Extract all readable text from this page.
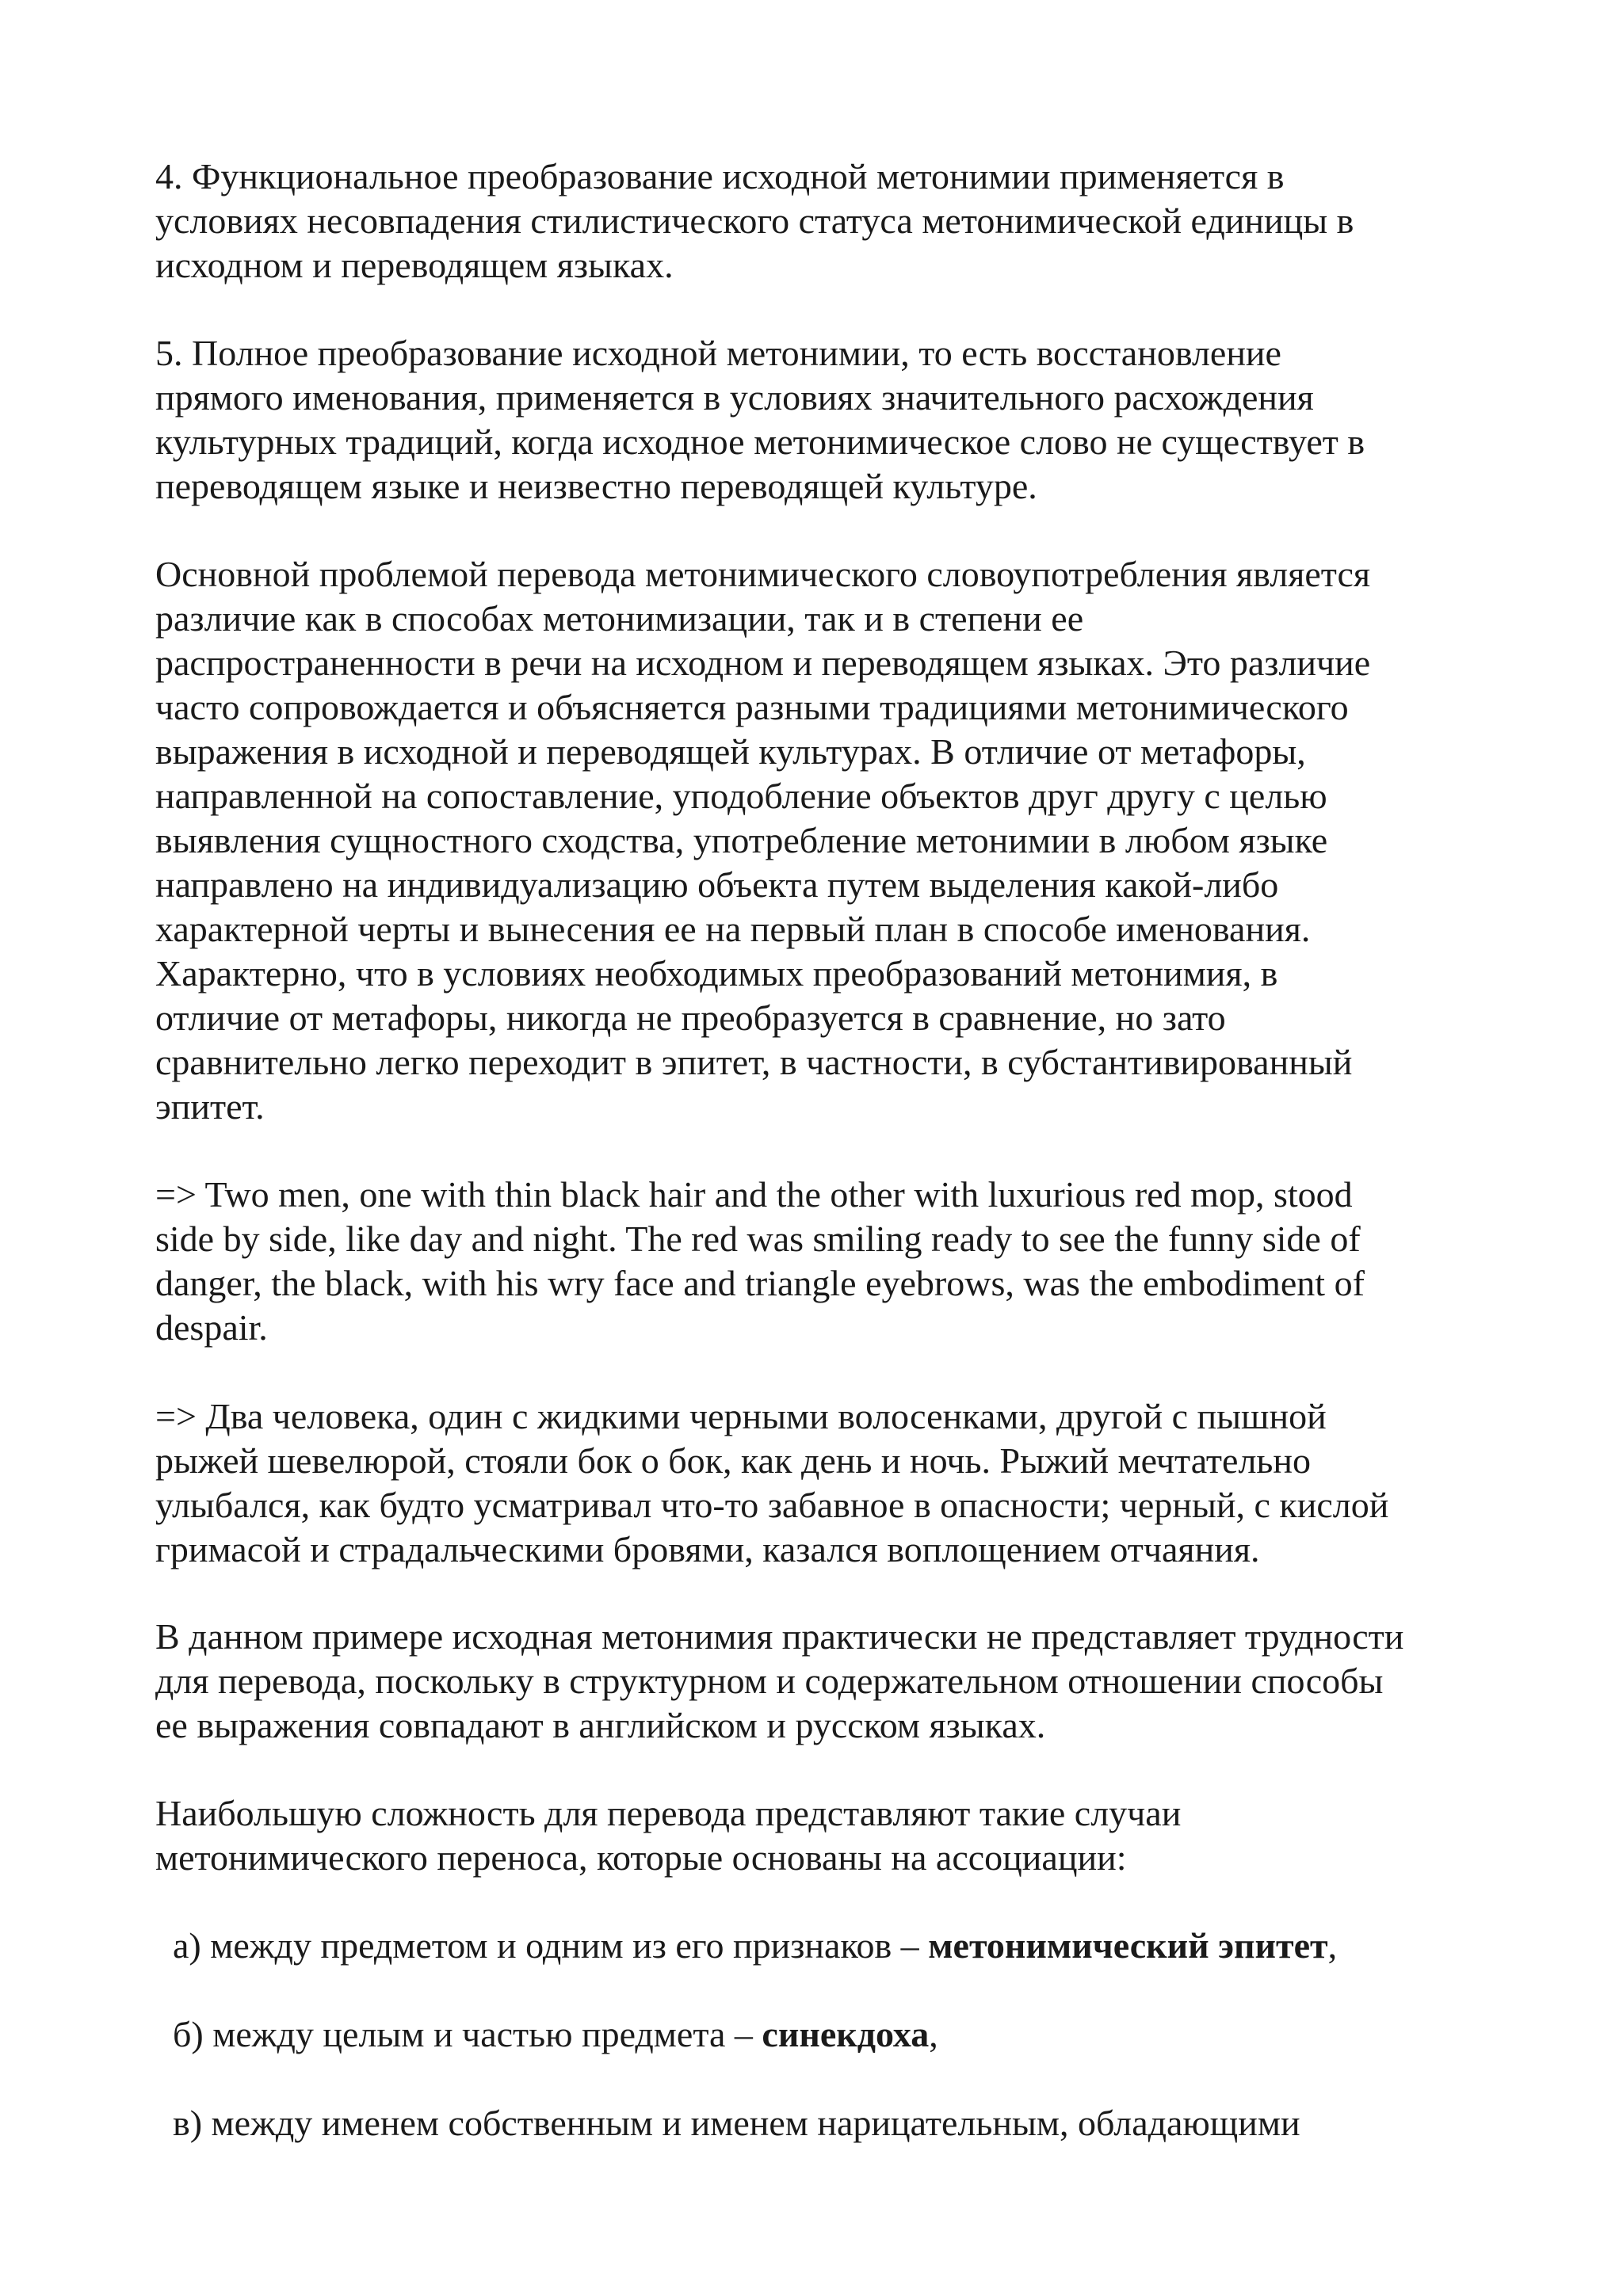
4. Функциональное преобразование исходной метонимии применяется в
условиях несовпадения стилистического статуса метонимической единицы в
исходном и переводящем языках.

5. Полное преобразование исходной метонимии, то есть восстановление
прямого именования, применяется в условиях значительного расхождения
культурных традиций, когда исходное метонимическое слово не существует в
переводящем языке и неизвестно переводящей культуре.

Основной проблемой перевода метонимического словоупотребления является
различие как в способах метонимизации, так и в степени ее
распространенности в речи на исходном и переводящем языках. Это различие
часто сопровождается и объясняется разными традициями метонимического
выражения в исходной и переводящей культурах. В отличие от метафоры,
направленной на сопоставление, уподобление объектов друг другу с целью
выявления сущностного сходства, употребление метонимии в любом языке
направлено на индивидуализацию объекта путем выделения какой-либо
характерной черты и вынесения ее на первый план в способе именования.
Характерно, что в условиях необходимых преобразований метонимия, в
отличие от метафоры, никогда не преобразуется в сравнение, но зато
сравнительно легко переходит в эпитет, в частности, в субстантивированный
эпитет.

=> Two men, one with thin black hair and the other with luxurious red mop, stood
side by side, like day and night. The red was smiling ready to see the funny side of
danger, the black, with his wry face and triangle eyebrows, was the embodiment of
despair.

=> Два человека, один с жидкими черными волосенками, другой с пышной
рыжей шевелюрой, стояли бок о бок, как день и ночь. Рыжий мечтательно
улыбался, как будто усматривал что-то забавное в опасности; черный, с кислой
гримасой и страдальческими бровями, казался воплощением отчаяния.

В данном примере исходная метонимия практически не представляет трудности
для перевода, поскольку в структурном и содержательном отношении способы
ее выражения совпадают в английском и русском языках.

Наибольшую сложность для перевода представляют такие случаи
метонимического переноса, которые основаны на ассоциации:

а) между предметом и одним из его признаков – метонимический эпитет,

б) между целым и частью предмета – синекдоха,

в) между именем собственным и именем нарицательным, обладающими
